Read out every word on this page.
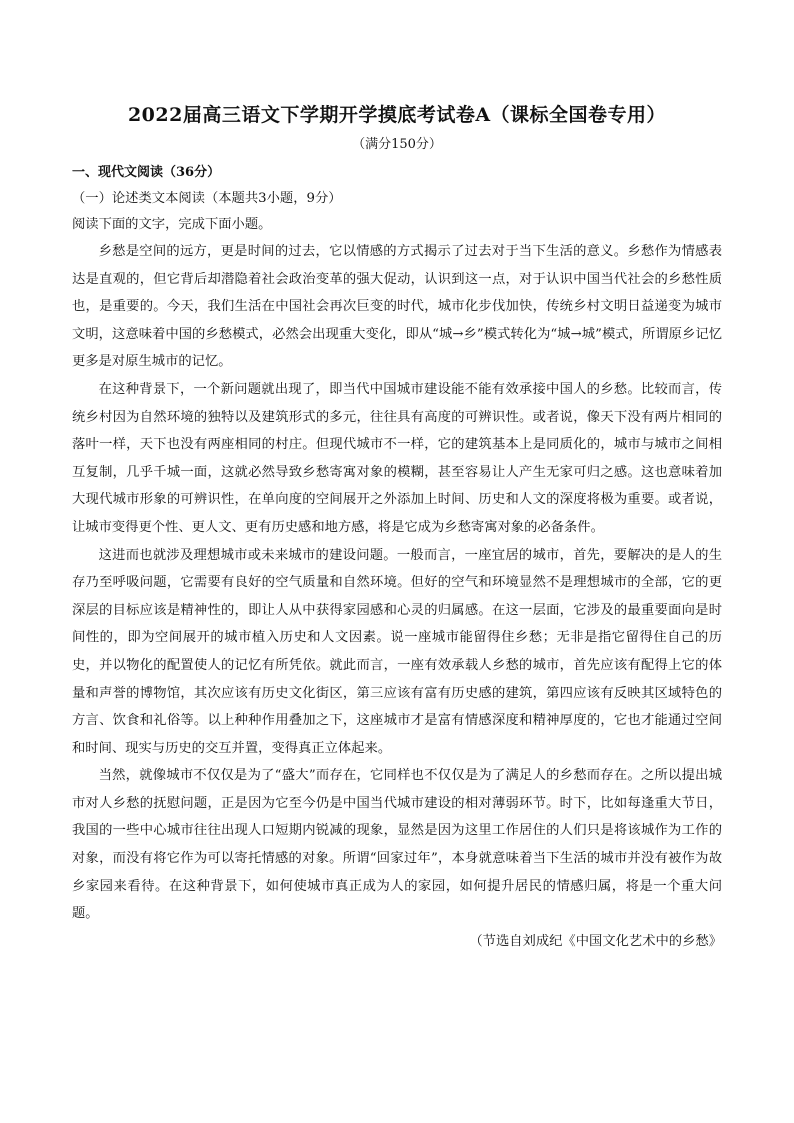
2022届高三语文下学期开学摸底考试卷A（课标全国卷专用）

（满分150分）

一、现代文阅读（36分）

（一）论述类文本阅读（本题共3小题，9分）

阅读下面的文字，完成下面小题。

乡愁是空间的远方，更是时间的过去，它以情感的方式揭示了过去对于当下生活的意义。乡愁作为情感表达是直观的，但它背后却潜隐着社会政治变革的强大促动，认识到这一点，对于认识中国当代社会的乡愁性质也，是重要的。今天，我们生活在中国社会再次巨变的时代，城市化步伐加快，传统乡村文明日益递变为城市文明，这意味着中国的乡愁模式，必然会出现重大变化，即从“城→乡”模式转化为“城→城”模式，所谓原乡记忆更多是对原生城市的记忆。

在这种背景下，一个新问题就出现了，即当代中国城市建设能不能有效承接中国人的乡愁。比较而言，传统乡村因为自然环境的独特以及建筑形式的多元，往往具有高度的可辨识性。或者说，像天下没有两片相同的落叶一样，天下也没有两座相同的村庄。但现代城市不一样，它的建筑基本上是同质化的，城市与城市之间相互复制，几乎千城一面，这就必然导致乡愁寄寓对象的模糊，甚至容易让人产生无家可归之感。这也意味着加大现代城市形象的可辨识性，在单向度的空间展开之外添加上时间、历史和人文的深度将极为重要。或者说，让城市变得更个性、更人文、更有历史感和地方感，将是它成为乡愁寄寓对象的必备条件。

这进而也就涉及理想城市或未来城市的建设问题。一般而言，一座宜居的城市，首先，要解决的是人的生存乃至呼吸问题，它需要有良好的空气质量和自然环境。但好的空气和环境显然不是理想城市的全部，它的更深层的目标应该是精神性的，即让人从中获得家园感和心灵的归属感。在这一层面，它涉及的最重要面向是时间性的，即为空间展开的城市植入历史和人文因素。说一座城市能留得住乡愁；无非是指它留得住自己的历史，并以物化的配置使人的记忆有所凭依。就此而言，一座有效承载人乡愁的城市，首先应该有配得上它的体量和声誉的博物馆，其次应该有历史文化街区，第三应该有富有历史感的建筑，第四应该有反映其区域特色的方言、饮食和礼俗等。以上种种作用叠加之下，这座城市才是富有情感深度和精神厚度的，它也才能通过空间和时间、现实与历史的交互并置，变得真正立体起来。

当然，就像城市不仅仅是为了“盛大”而存在，它同样也不仅仅是为了满足人的乡愁而存在。之所以提出城市对人乡愁的抚慰问题，正是因为它至今仍是中国当代城市建设的相对薄弱环节。时下，比如每逢重大节日，我国的一些中心城市往往出现人口短期内锐减的现象，显然是因为这里工作居住的人们只是将该城作为工作的对象，而没有将它作为可以寄托情感的对象。所谓“回家过年”，本身就意味着当下生活的城市并没有被作为故乡家园来看待。在这种背景下，如何使城市真正成为人的家园，如何提升居民的情感归属，将是一个重大问题。

（节选自刘成纪《中国文化艺术中的乡愁》
